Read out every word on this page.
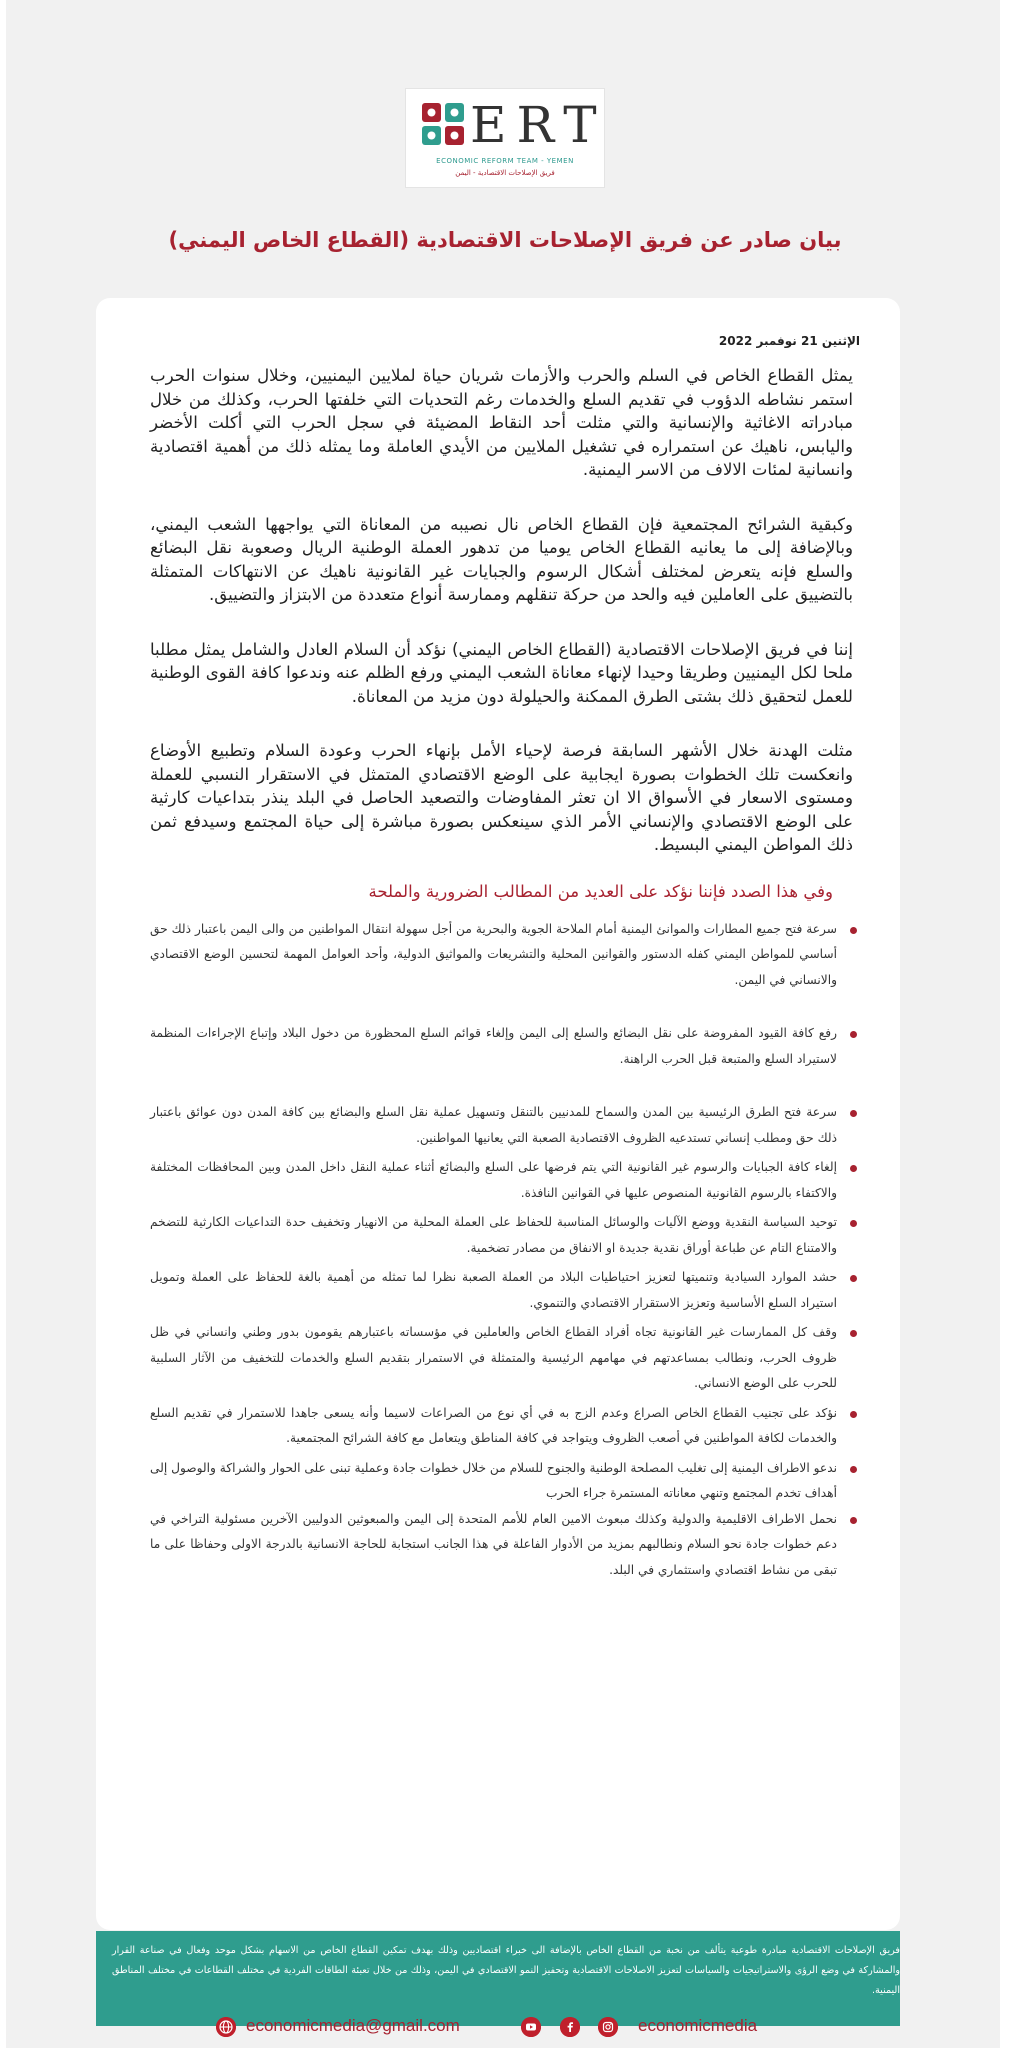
ERT
ECONOMIC REFORM TEAM - YEMEN
فريق الإصلاحات الاقتصادية - اليمن
بيان صادر عن فريق الإصلاحات الاقتصادية (القطاع الخاص اليمني)
الإثنين 21 نوفمبر 2022

يمثل القطاع الخاص في السلم والحرب والأزمات شريان حياة لملايين اليمنيين، وخلال سنوات الحرب استمر نشاطه الدؤوب في تقديم السلع والخدمات رغم التحديات التي خلفتها الحرب، وكذلك من خلال مبادراته الاغاثية والإنسانية والتي مثلت أحد النقاط المضيئة في سجل الحرب التي أكلت الأخضر واليابس، ناهيك عن استمراره في تشغيل الملايين من الأيدي العاملة وما يمثله ذلك من أهمية اقتصادية وانسانية لمئات الالاف من الاسر اليمنية.

وكبقية الشرائح المجتمعية فإن القطاع الخاص نال نصيبه من المعاناة التي يواجهها الشعب اليمني، وبالإضافة إلى ما يعانيه القطاع الخاص يوميا من تدهور العملة الوطنية الريال وصعوبة نقل البضائع والسلع فإنه يتعرض لمختلف أشكال الرسوم والجبايات غير القانونية ناهيك عن الانتهاكات المتمثلة بالتضييق على العاملين فيه والحد من حركة تنقلهم وممارسة أنواع متعددة من الابتزاز والتضييق.

إننا في فريق الإصلاحات الاقتصادية (القطاع الخاص اليمني) نؤكد أن السلام العادل والشامل يمثل مطلبا ملحا لكل اليمنيين وطريقا وحيدا لإنهاء معاناة الشعب اليمني ورفع الظلم عنه وندعوا كافة القوى الوطنية للعمل لتحقيق ذلك بشتى الطرق الممكنة والحيلولة دون مزيد من المعاناة.

مثلت الهدنة خلال الأشهر السابقة فرصة لإحياء الأمل بإنهاء الحرب وعودة السلام وتطبيع الأوضاع وانعكست تلك الخطوات بصورة ايجابية على الوضع الاقتصادي المتمثل في الاستقرار النسبي للعملة ومستوى الاسعار في الأسواق الا ان تعثر المفاوضات والتصعيد الحاصل في البلد ينذر بتداعيات كارثية على الوضع الاقتصادي والإنساني الأمر الذي سينعكس بصورة مباشرة إلى حياة المجتمع وسيدفع ثمن ذلك المواطن اليمني البسيط.

وفي هذا الصدد فإننا نؤكد على العديد من المطالب الضرورية والملحة
سرعة فتح جميع المطارات والموانئ اليمنية أمام الملاحة الجوية والبحرية من أجل سهولة انتقال المواطنين من والى اليمن باعتبار ذلك حق أساسي للمواطن اليمني كفله الدستور والقوانين المحلية والتشريعات والمواثيق الدولية، وأحد العوامل المهمة لتحسين الوضع الاقتصادي والانساني في اليمن.
رفع كافة القيود المفروضة على نقل البضائع والسلع إلى اليمن وإلغاء قوائم السلع المحظورة من دخول البلاد وإتباع الإجراءات المنظمة لاستيراد السلع والمتبعة قبل الحرب الراهنة.
سرعة فتح الطرق الرئيسية بين المدن والسماح للمدنيين بالتنقل وتسهيل عملية نقل السلع والبضائع بين كافة المدن دون عوائق باعتبار ذلك حق ومطلب إنساني تستدعيه الظروف الاقتصادية الصعبة التي يعانيها المواطنين.
إلغاء كافة الجبايات والرسوم غير القانونية التي يتم فرضها على السلع والبضائع أثناء عملية النقل داخل المدن وبين المحافظات المختلفة والاكتفاء بالرسوم القانونية المنصوص عليها في القوانين النافذة.
توحيد السياسة النقدية ووضع الآليات والوسائل المناسبة للحفاظ على العملة المحلية من الانهيار وتخفيف حدة التداعيات الكارثية للتضخم والامتناع التام عن طباعة أوراق نقدية جديدة او الانفاق من مصادر تضخمية.
حشد الموارد السيادية وتنميتها لتعزيز احتياطيات البلاد من العملة الصعبة نظرا لما تمثله من أهمية بالغة للحفاظ على العملة وتمويل استيراد السلع الأساسية وتعزيز الاستقرار الاقتصادي والتنموي.
وقف كل الممارسات غير القانونية تجاه أفراد القطاع الخاص والعاملين في مؤسساته باعتبارهم يقومون بدور وطني وانساني في ظل ظروف الحرب، ونطالب بمساعدتهم في مهامهم الرئيسية والمتمثلة في الاستمرار بتقديم السلع والخدمات للتخفيف من الآثار السلبية للحرب على الوضع الانساني.
نؤكد على تجنيب القطاع الخاص الصراع وعدم الزج به في أي نوع من الصراعات لاسيما وأنه يسعى جاهدا للاستمرار في تقديم السلع والخدمات لكافة المواطنين في أصعب الظروف ويتواجد في كافة المناطق ويتعامل مع كافة الشرائح المجتمعية.
ندعو الاطراف اليمنية إلى تغليب المصلحة الوطنية والجنوح للسلام من خلال خطوات جادة وعملية تبنى على الحوار والشراكة والوصول إلى أهداف تخدم المجتمع وتنهي معاناته المستمرة جراء الحرب
نحمل الاطراف الاقليمية والدولية وكذلك مبعوث الامين العام للأمم المتحدة إلى اليمن والمبعوثين الدوليين الآخرين مسئولية التراخي في دعم خطوات جادة نحو السلام ونطالبهم بمزيد من الأدوار الفاعلة في هذا الجانب استجابة للحاجة الانسانية بالدرجة الاولى وحفاظا على ما تبقى من نشاط اقتصادي واستثماري في البلد.
فريق الإصلاحات الاقتصادية مبادرة طوعية يتألف من نخبة من القطاع الخاص بالإضافة الى خبراء اقتصاديين وذلك بهدف تمكين القطاع الخاص من الاسهام بشكل موحد وفعال في صناعة القرار والمشاركة في وضع الرؤى والاستراتيجيات والسياسات لتعزيز الاصلاحات الاقتصادية وتحفيز النمو الاقتصادي في اليمن، وذلك من خلال تعبئة الطاقات الفردية في مختلف القطاعات في مختلف المناطق اليمنية.
economicmedia@gmail.com	economicmedia
